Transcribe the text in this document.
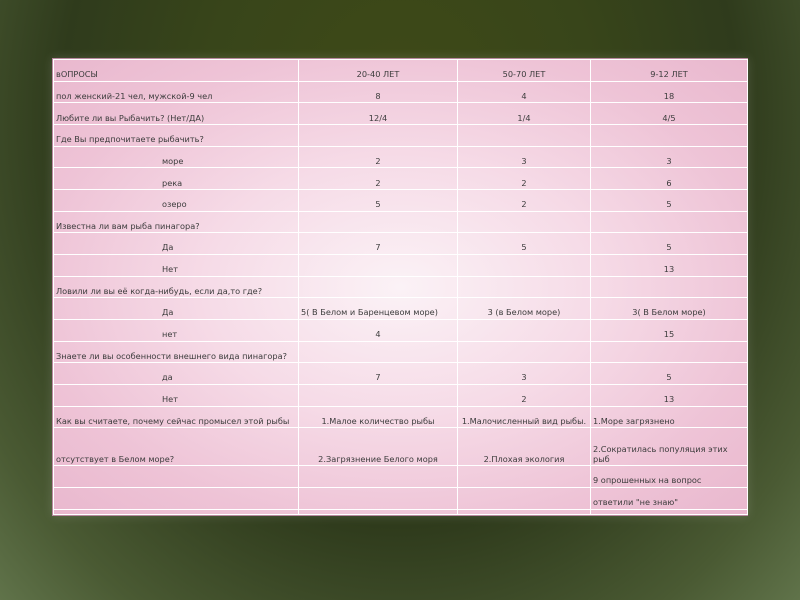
вОПРОСЫ	20-40 ЛЕТ	50-70 ЛЕТ	9-12 ЛЕТ
пол женский-21 чел, мужской-9 чел	8	4	18
Любите ли вы Рыбачить? (Нет/ДА)	12/4	1/4	4/5
Где Вы предпочитаете рыбачить?			
море	2	3	3
река	2	2	6
озеро	5	2	5
Известна ли вам рыба пинагора?			
Да	7	5	5
Нет			13
Ловили ли вы её когда-нибудь, если да,то где?			
Да	5( В Белом и Баренцевом море)	3 (в Белом море)	3( В Белом море)
нет	4		15
Знаете ли вы особенности внешнего вида пинагора?			
да	7	3	5
Нет		2	13
Как вы считаете, почему сейчас промысел этой рыбы	1.Малое количество рыбы	1.Малочисленный вид рыбы.	1.Море загрязнено
отсутствует в Белом море?	2.Загрязнение Белого моря	2.Плохая экология	2.Сократилась популяция этих рыб
			9 опрошенных на вопрос
			ответили "не знаю"
